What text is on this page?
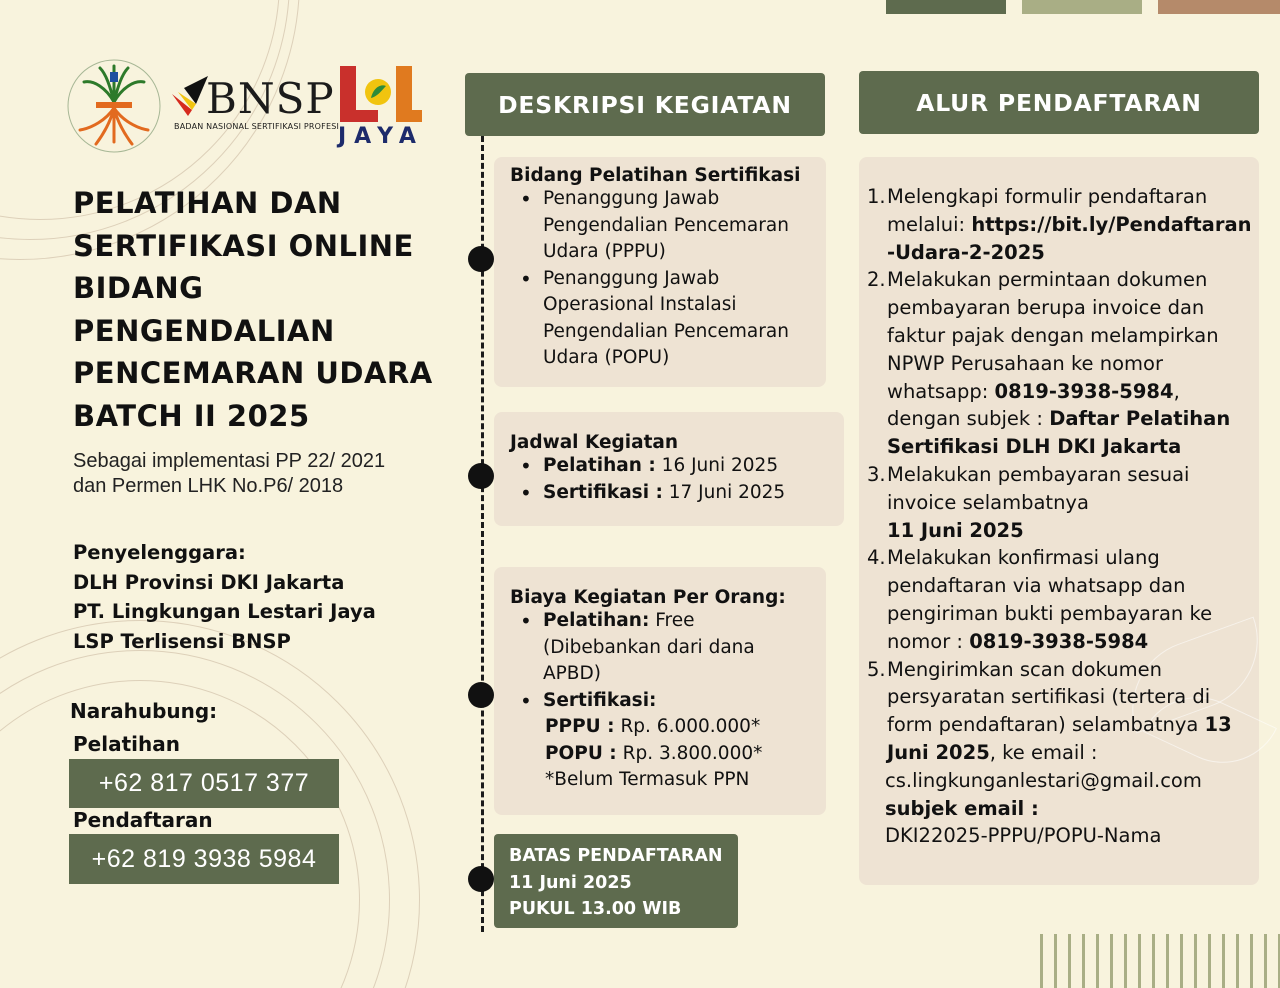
BNSP
BADAN NASIONAL SERTIFIKASI PROFESI
JAYA
PELATIHAN DAN
SERTIFIKASI ONLINE
BIDANG
PENGENDALIAN
PENCEMARAN UDARA
BATCH II 2025
Sebagai implementasi PP 22/ 2021
dan Permen LHK No.P6/ 2018
Penyelenggara:
DLH Provinsi DKI Jakarta
PT. Lingkungan Lestari Jaya
LSP Terlisensi BNSP
Narahubung:
Pelatihan
+62 817 0517 377
Pendaftaran
+62 819 3938 5984
DESKRIPSI KEGIATAN
Bidang Pelatihan Sertifikasi
• Penanggung Jawab Pengendalian Pencemaran Udara (PPPU)
• Penanggung Jawab Operasional Instalasi Pengendalian Pencemaran Udara (POPU)
Jadwal Kegiatan
• Pelatihan : 16 Juni 2025
• Sertifikasi : 17 Juni 2025
Biaya Kegiatan Per Orang:
• Pelatihan: Free (Dibebankan dari dana APBD)
• Sertifikasi:
PPPU : Rp. 6.000.000*
POPU : Rp. 3.800.000*
*Belum Termasuk PPN
BATAS PENDAFTARAN
11 Juni 2025
PUKUL 13.00 WIB
ALUR PENDAFTARAN
1. Melengkapi formulir pendaftaran melalui: https://bit.ly/Pendaftaran-Udara-2-2025
2. Melakukan permintaan dokumen pembayaran berupa invoice dan faktur pajak dengan melampirkan NPWP Perusahaan ke nomor whatsapp: 0819-3938-5984, dengan subjek : Daftar Pelatihan Sertifikasi DLH DKI Jakarta
3. Melakukan pembayaran sesuai invoice selambatnya
11 Juni 2025
4. Melakukan konfirmasi ulang pendaftaran via whatsapp dan pengiriman bukti pembayaran ke nomor : 0819-3938-5984
5. Mengirimkan scan dokumen persyaratan sertifikasi (tertera di form pendaftaran) selambatnya 13 Juni 2025, ke email :
cs.lingkunganlestari@gmail.com
subjek email :
DKI22025-PPPU/POPU-Nama
